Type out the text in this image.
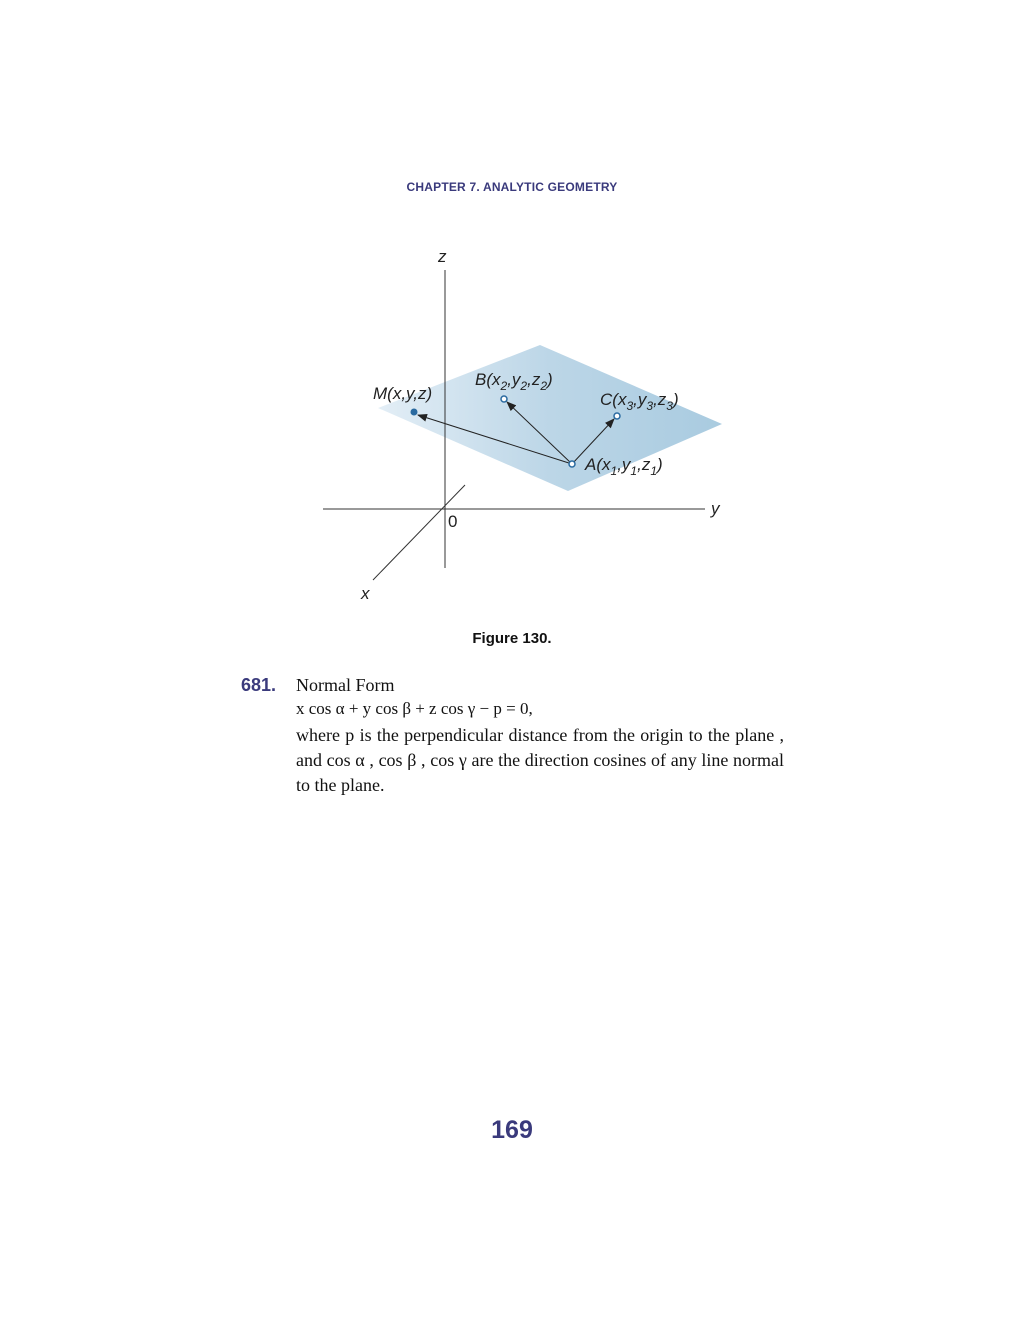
CHAPTER 7. ANALYTIC GEOMETRY
z
y
x
0
M(x,y,z)
$B(x_2,y_2,z_2)$
$C(x_3,y_3,z_3)$
$A(x_1,y_1,z_1)$
Figure 130.
681. Normal Form
x cos α + y cos β + z cos γ − p = 0,
where p is the perpendicular distance from the origin to the plane , and cos α , cos β , cos γ are the direction cosines of any line normal to the plane.
169
